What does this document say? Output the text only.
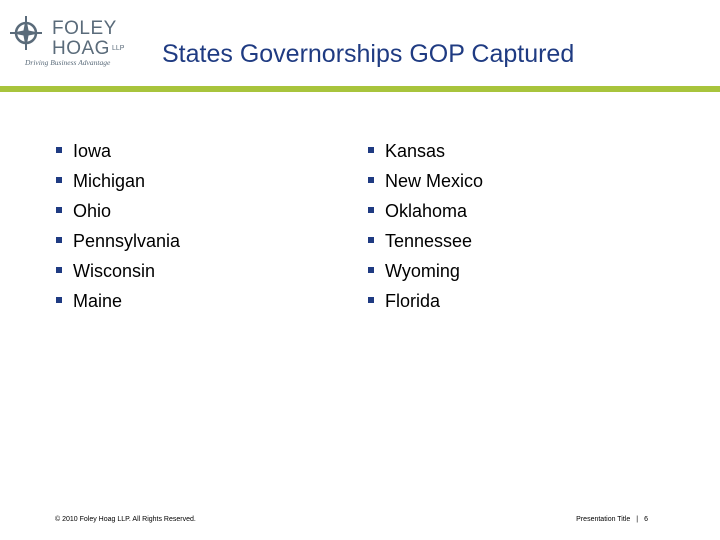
FOLEY
HOAG LLP
Driving Business Advantage States Governorships GOP Captured
Iowa
Michigan
Ohio
Pennsylvania
Wisconsin
Maine
Kansas
New Mexico
Oklahoma
Tennessee
Wyoming
Florida
© 2010 Foley Hoag LLP. All Rights Reserved.	Presentation Title | 6
